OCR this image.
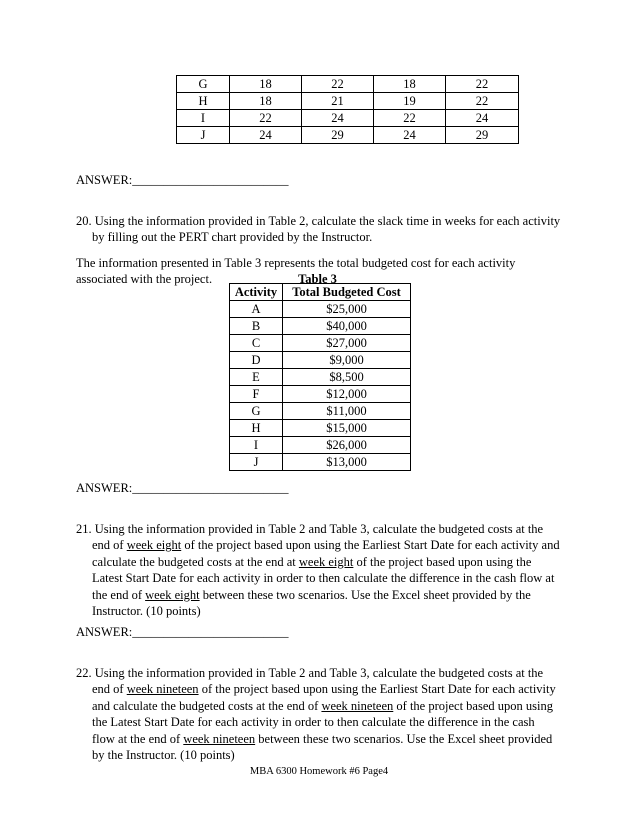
G	18	22	18	22
H	18	21	19	22
I	22	24	22	24
J	24	29	24	29
ANSWER:_________________________
20. Using the information provided in Table 2, calculate the slack time in weeks for each activity
by filling out the PERT chart provided by the Instructor.
The information presented in Table 3 represents the total budgeted cost for each activity
associated with the project.	Table 3
Activity	Total Budgeted Cost
A	$25,000
B	$40,000
C	$27,000
D	$9,000
E	$8,500
F	$12,000
G	$11,000
H	$15,000
I	$26,000
J	$13,000
ANSWER:_________________________
21. Using the information provided in Table 2 and Table 3, calculate the budgeted costs at the
end of week eight of the project based upon using the Earliest Start Date for each activity and
calculate the budgeted costs at the end at week eight of the project based upon using the
Latest Start Date for each activity in order to then calculate the difference in the cash flow at
the end of week eight between these two scenarios. Use the Excel sheet provided by the
Instructor. (10 points)
ANSWER:_________________________
22. Using the information provided in Table 2 and Table 3, calculate the budgeted costs at the
end of week nineteen of the project based upon using the Earliest Start Date for each activity
and calculate the budgeted costs at the end of week nineteen of the project based upon using
the Latest Start Date for each activity in order to then calculate the difference in the cash
flow at the end of week nineteen between these two scenarios. Use the Excel sheet provided
by the Instructor. (10 points)
MBA 6300 Homework #6 Page4
